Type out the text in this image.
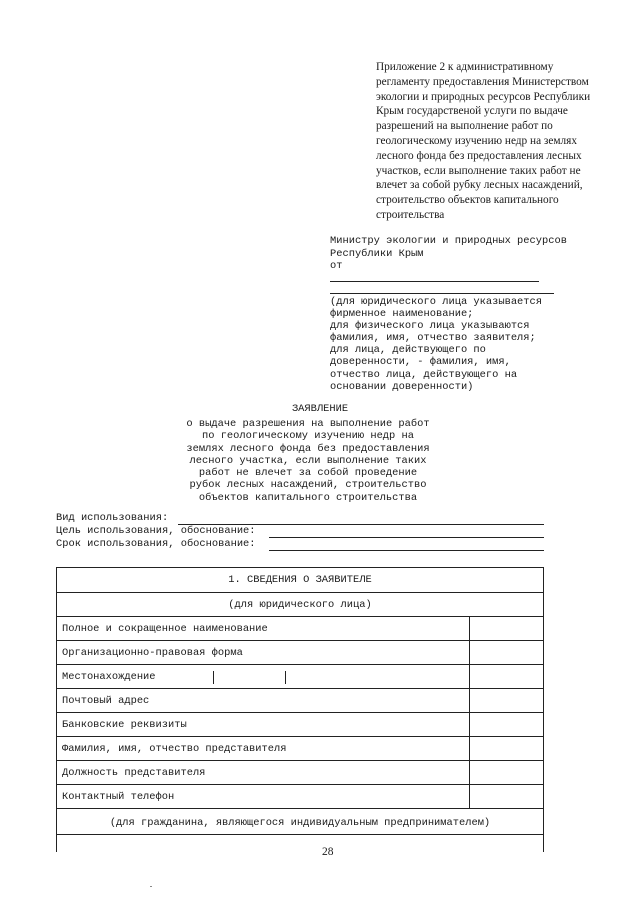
Приложение 2 к административному
регламенту предоставления Министерством
экологии и природных ресурсов Республики
Крым государственой услуги по выдаче
разрешений на выполнение работ по
геологическому изучению недр на землях
лесного фонда без предоставления лесных
участков, если выполнение таких работ не
влечет за собой рубку лесных насаждений,
строительство объектов капитального
строительства
Министру экологии и природных ресурсов
Республики Крым
от
(для юридического лица указывается
фирменное наименование;
для физического лица указываются
фамилия, имя, отчество заявителя;
для лица, действующего по
доверенности, - фамилия, имя,
отчество лица, действующего на
основании доверенности)
ЗАЯВЛЕНИЕ
о выдаче разрешения на выполнение работ
по геологическому изучению недр на
землях лесного фонда без предоставления
лесного участка, если выполнение таких
работ не влечет за собой проведение
рубок лесных насаждений, строительство
объектов капитального строительства
Вид использования:
Цель использования, обоснование:
Срок использования, обоснование:
1. СВЕДЕНИЯ О ЗАЯВИТЕЛЕ
(для юридического лица)
Полное и сокращенное наименование
Организационно-правовая форма
Местонахождение
Почтовый адрес
Банковские реквизиты
Фамилия, имя, отчество представителя
Должность представителя
Контактный телефон
(для гражданина, являющегося индивидуальным предпринимателем)
28
